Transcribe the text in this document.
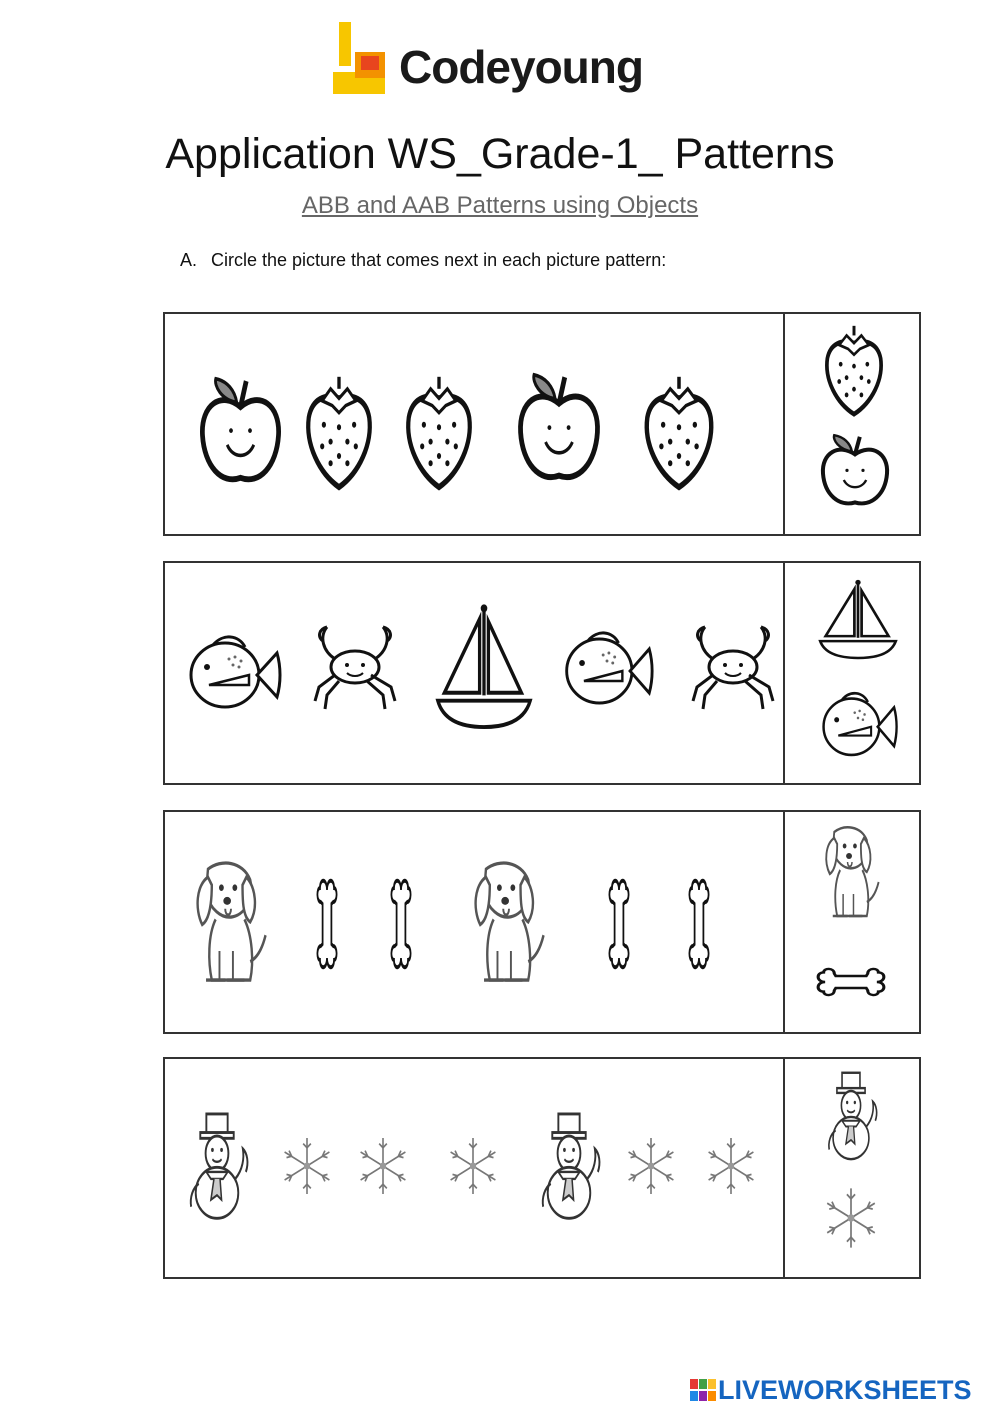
Codeyoung
Application WS_Grade-1_ Patterns
ABB and AAB Patterns using Objects
A. Circle the picture that comes next in each picture pattern:
LIVEWORKSHEETS
